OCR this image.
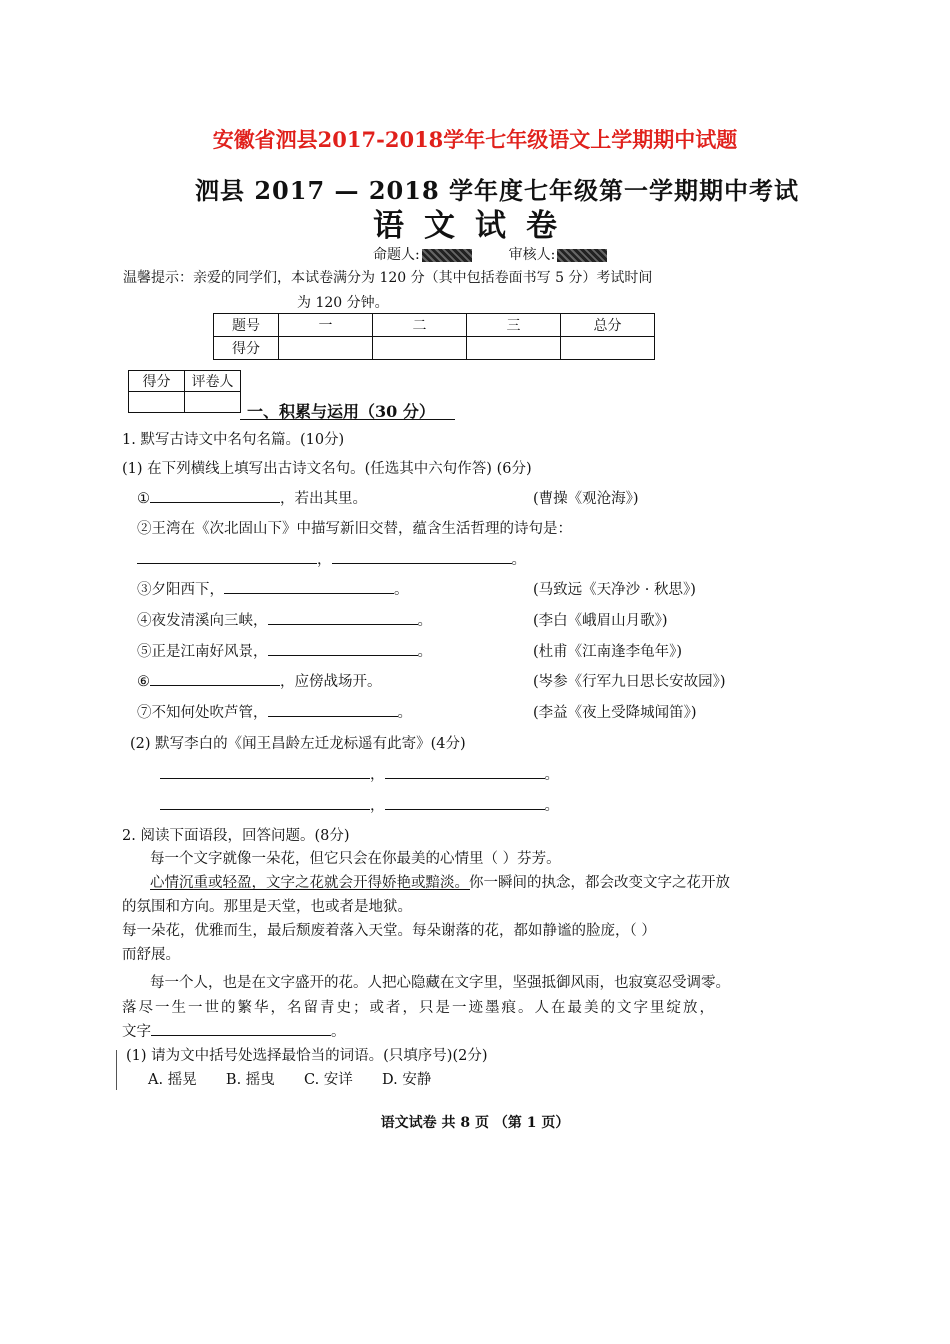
安徽省泗县2017-2018学年七年级语文上学期期中试题
泗县 2017 — 2018 学年度七年级第一学期期中考试
语文试卷
命题人:	审核人:
温馨提示：亲爱的同学们，本试卷满分为 120 分（其中包括卷面书写 5 分）考试时间
为 120 分钟。
题号	一	二	三	总分
得分				
得分	评卷人

一、积累与运用（30 分）
1. 默写古诗文中名句名篇。(10分)
(1) 在下列横线上填写出古诗文名句。(任选其中六句作答) (6分)
①	，若出其里。	(曹操《观沧海》)
②王湾在《次北固山下》中描写新旧交替，蕴含生活哲理的诗句是：
，	。
③夕阳西下，	。	(马致远《天净沙 · 秋思》)
④夜发清溪向三峡，	。	(李白《峨眉山月歌》)
⑤正是江南好风景，	。	(杜甫《江南逢李龟年》)
⑥	，应傍战场开。	(岑参《行军九日思长安故园》)
⑦不知何处吹芦管，	。	(李益《夜上受降城闻笛》)
(2) 默写李白的《闻王昌龄左迁龙标遥有此寄》(4分)
，	。
，	。
2. 阅读下面语段，回答问题。(8分)
每一个文字就像一朵花，但它只会在你最美的心情里（ ）芬芳。
心情沉重或轻盈，文字之花就会开得娇艳或黯淡。你一瞬间的执念，都会改变文字之花开放
的氛围和方向。那里是天堂，也或者是地狱。
每一朵花，优雅而生，最后颓废着落入天堂。每朵谢落的花，都如静谧的脸庞，（ ）
而舒展。
每一个人，也是在文字盛开的花。人把心隐藏在文字里，坚强抵御风雨，也寂寞忍受调零。
落尽一生一世的繁华，名留青史；或者，只是一迹墨痕。人在最美的文字里绽放，
文字	。
(1) 请为文中括号处选择最恰当的词语。(只填序号)(2分)
A. 摇晃 B. 摇曳 C. 安详 D. 安静
语文试卷 共 8 页 （第 1 页）
